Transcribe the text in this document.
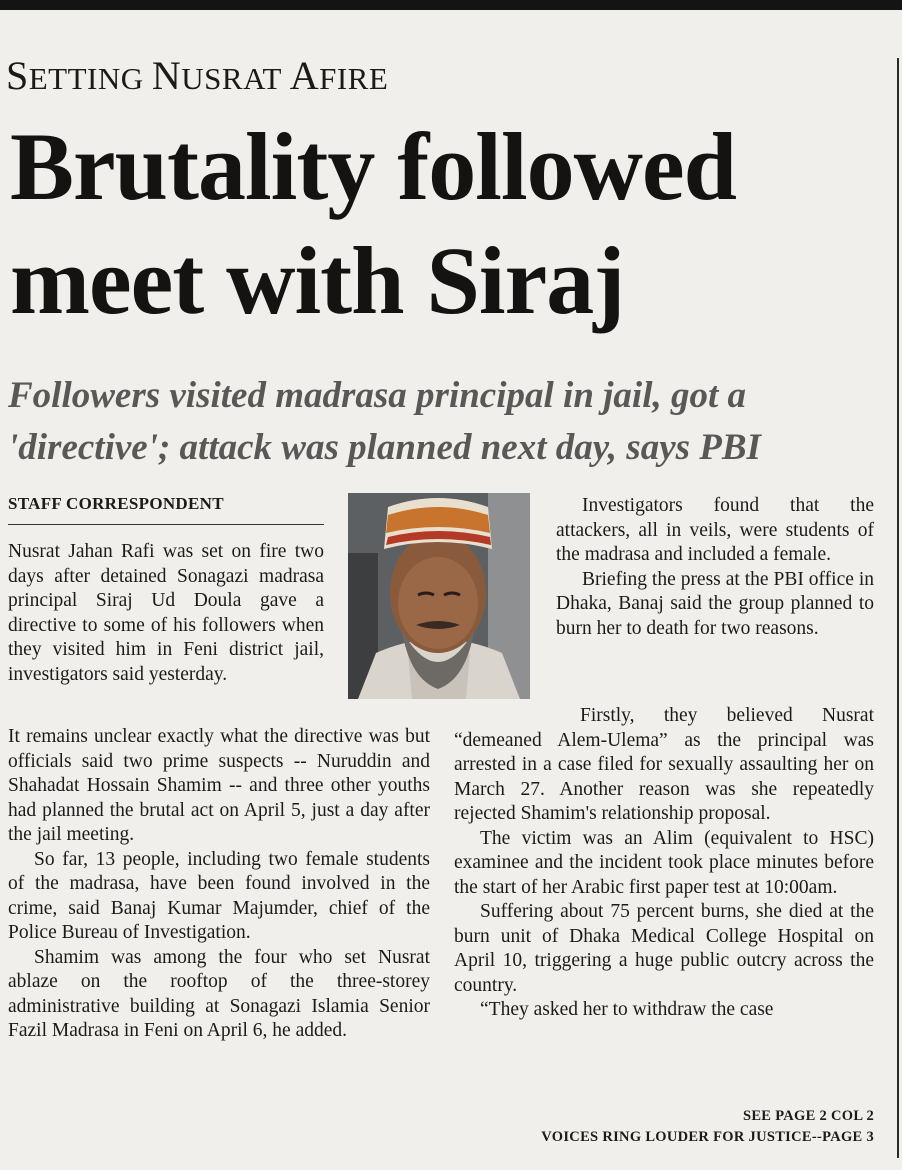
SETTING NUSRAT AFIRE
Brutality followed
meet with Siraj
Followers visited madrasa principal in jail, got a
'directive'; attack was planned next day, says PBI
STAFF CORRESPONDENT

Nusrat Jahan Rafi was set on fire two days after detained Sonagazi madrasa principal Siraj Ud Doula gave a directive to some of his followers when they visited him in Feni district jail, investigators said yesterday.

It remains unclear exactly what the directive was but officials said two prime suspects -- Nuruddin and Shahadat Hossain Shamim -- and three other youths had planned the brutal act on April 5, just a day after the jail meeting.

So far, 13 people, including two female students of the madrasa, have been found involved in the crime, said Banaj Kumar Majumder, chief of the Police Bureau of Investigation.

Shamim was among the four who set Nusrat ablaze on the rooftop of the three-storey administrative building at Sonagazi Islamia Senior Fazil Madrasa in Feni on April 6, he added.

Investigators found that the attackers, all in veils, were students of the madrasa and included a female.

Briefing the press at the PBI office in Dhaka, Banaj said the group planned to burn her to death for two reasons.

Firstly, they believed Nusrat “demeaned Alem-Ulema” as the principal was arrested in a case filed for sexually assaulting her on March 27. Another reason was she repeatedly rejected Shamim's relationship proposal.

The victim was an Alim (equivalent to HSC) examinee and the incident took place minutes before the start of her Arabic first paper test at 10:00am.

Suffering about 75 percent burns, she died at the burn unit of Dhaka Medical College Hospital on April 10, triggering a huge public outcry across the country.

“They asked her to withdraw the case

SEE PAGE 2 COL 2
VOICES RING LOUDER FOR JUSTICE--PAGE 3
